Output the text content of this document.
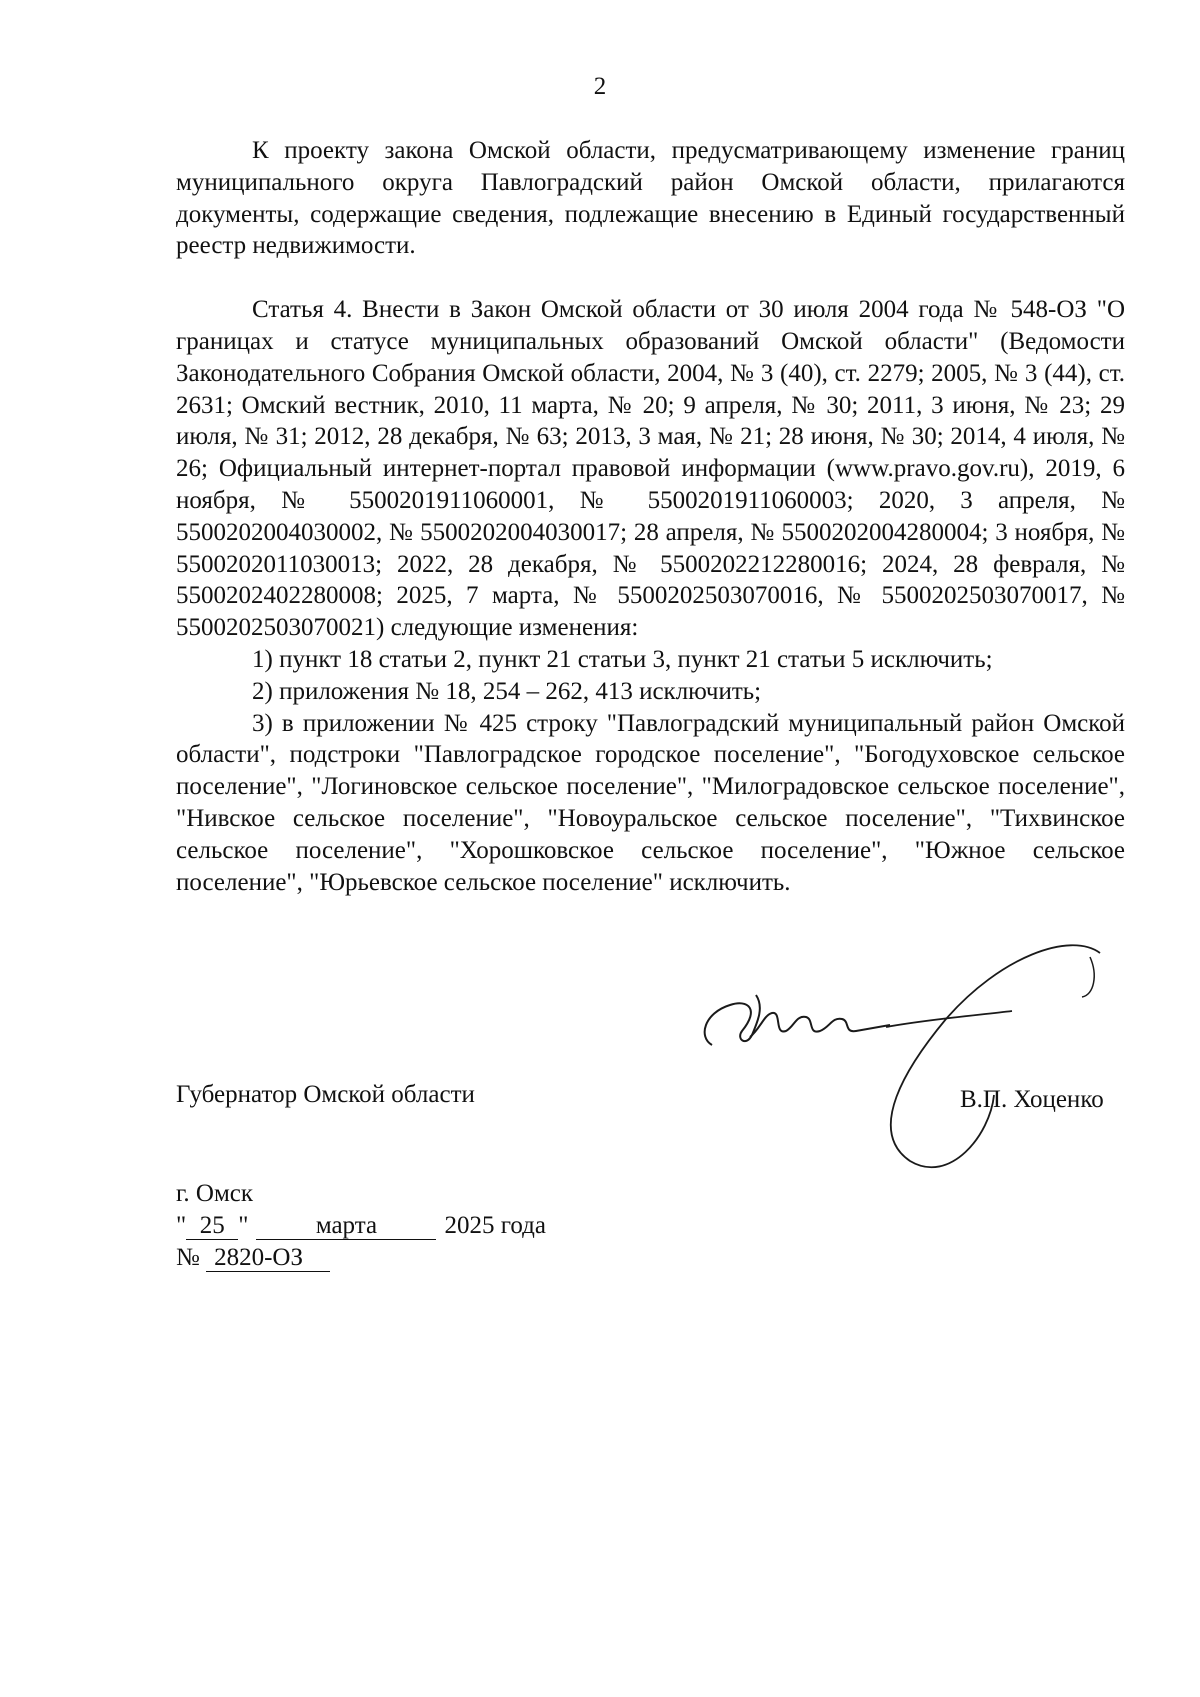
2

К проекту закона Омской области, предусматривающему изменение границ муниципального округа Павлоградский район Омской области, прилагаются документы, содержащие сведения, подлежащие внесению в Единый государственный реестр недвижимости.

Статья 4. Внести в Закон Омской области от 30 июля 2004 года № 548-ОЗ "О границах и статусе муниципальных образований Омской области" (Ведомости Законодательного Собрания Омской области, 2004, № 3 (40), ст. 2279; 2005, № 3 (44), ст. 2631; Омский вестник, 2010, 11 марта, № 20; 9 апреля, № 30; 2011, 3 июня, № 23; 29 июля, № 31; 2012, 28 декабря, № 63; 2013, 3 мая, № 21; 28 июня, № 30; 2014, 4 июля, № 26; Официальный интернет-портал правовой информации (www.pravo.gov.ru), 2019, 6 ноября, № 5500201911060001, № 5500201911060003; 2020, 3 апреля, № 5500202004030002, № 5500202004030017; 28 апреля, № 5500202004280004; 3 ноября, № 5500202011030013; 2022, 28 декабря, № 5500202212280016; 2024, 28 февраля, № 5500202402280008; 2025, 7 марта, № 5500202503070016, № 5500202503070017, № 5500202503070021) следующие изменения:

1) пункт 18 статьи 2, пункт 21 статьи 3, пункт 21 статьи 5 исключить;

2) приложения № 18, 254 – 262, 413 исключить;

3) в приложении № 425 строку "Павлоградский муниципальный район Омской области", подстроки "Павлоградское городское поселение", "Богодуховское сельское поселение", "Логиновское сельское поселение", "Милоградовское сельское поселение", "Нивское сельское поселение", "Новоуральское сельское поселение", "Тихвинское сельское поселение", "Хорошковское сельское поселение", "Южное сельское поселение", "Юрьевское сельское поселение" исключить.

Губернатор Омской области	В.П. Хоценко
г. Омск
" 25 "	марта	2025 года
№ 2820-ОЗ
